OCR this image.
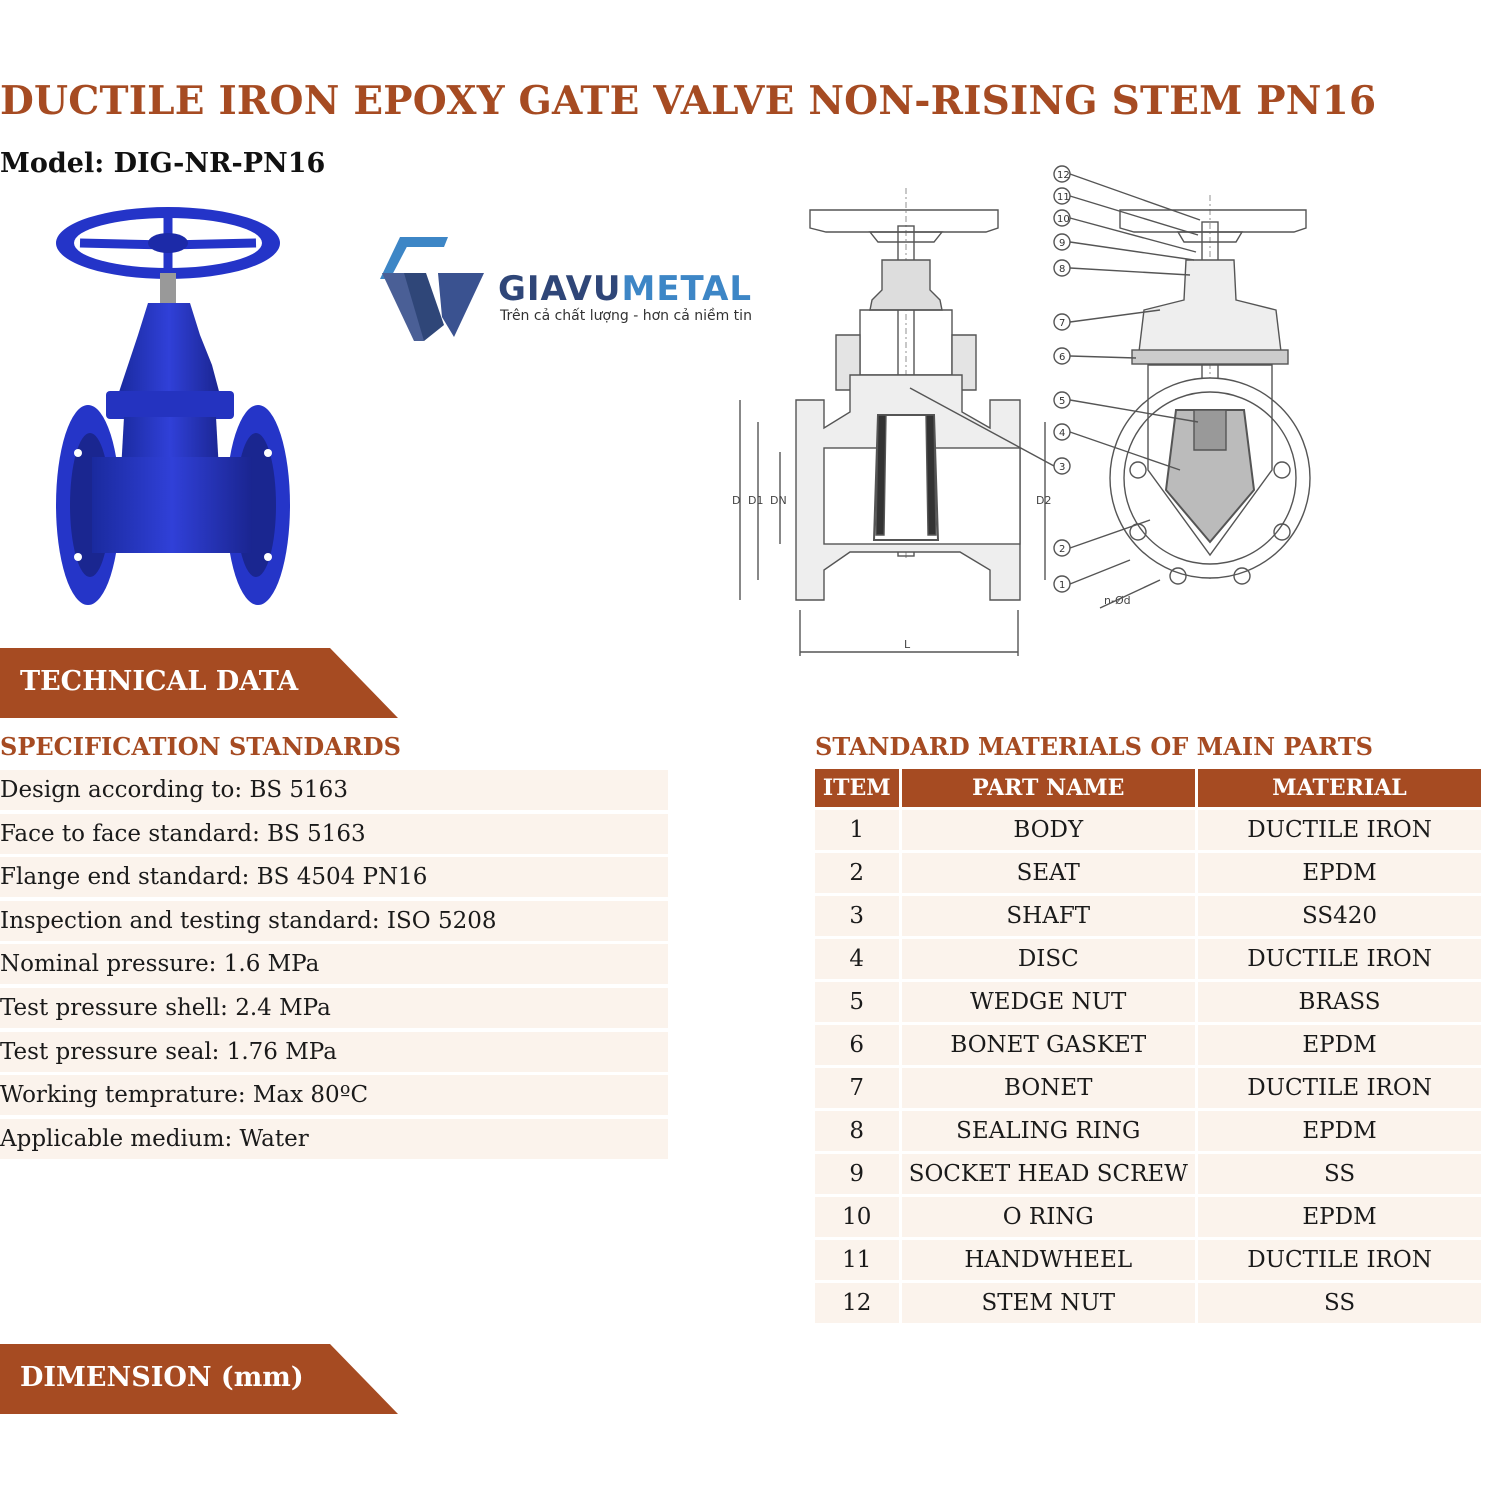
DUCTILE IRON EPOXY GATE VALVE NON-RISING STEM PN16
Model: DIG-NR-PN16
GIAVUMETAL
Trên cả chất lượng - hơn cả niềm tin
D D1 DN	D2
L
n-Ød
12
11
10
9
8
7
6
5
4
3
2
1
TECHNICAL DATA
SPECIFICATION STANDARDS	STANDARD MATERIALS OF MAIN PARTS
Design according to: BS 5163
Face to face standard: BS 5163
Flange end standard: BS 4504 PN16
Inspection and testing standard: ISO 5208
Nominal pressure: 1.6 MPa
Test pressure shell: 2.4 MPa
Test pressure seal: 1.76 MPa
Working temprature: Max 80ºC
Applicable medium: Water
ITEM	PART NAME	MATERIAL
1	BODY	DUCTILE IRON
2	SEAT	EPDM
3	SHAFT	SS420
4	DISC	DUCTILE IRON
5	WEDGE NUT	BRASS
6	BONET GASKET	EPDM
7	BONET	DUCTILE IRON
8	SEALING RING	EPDM
9	SOCKET HEAD SCREW	SS
10	O RING	EPDM
11	HANDWHEEL	DUCTILE IRON
12	STEM NUT	SS
DIMENSION (mm)
